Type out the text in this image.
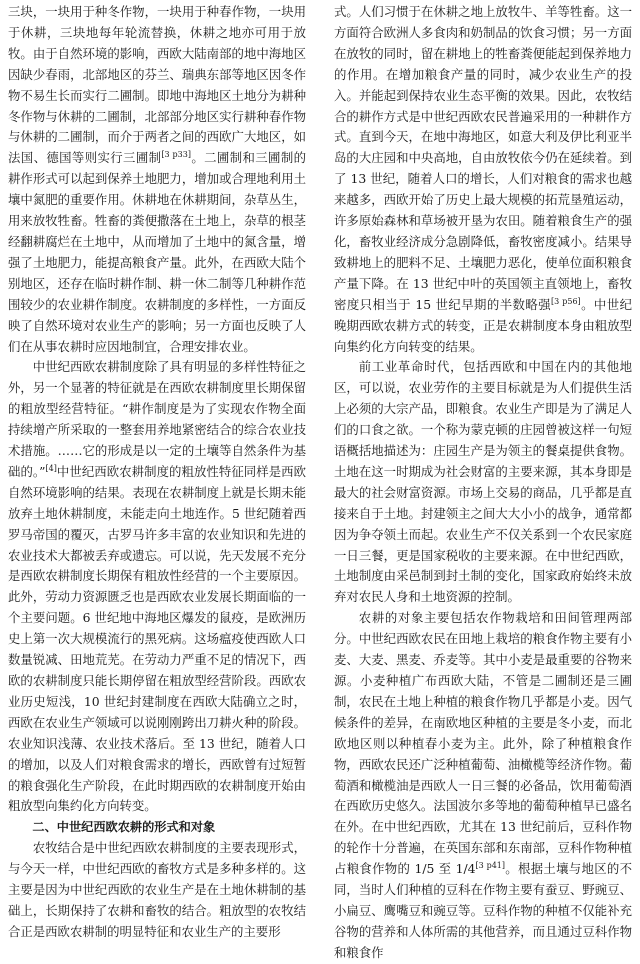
三块，一块用于种冬作物，一块用于种春作物，一块用于休耕，三块地每年轮流替换，休耕之地亦可用于放牧。由于自然环境的影响，西欧大陆南部的地中海地区因缺少春雨，北部地区的芬兰、瑞典东部等地区因冬作物不易生长而实行二圃制。即地中海地区土地分为耕种冬作物与休耕的二圃制，北部部分地区实行耕种春作物与休耕的二圃制，而介于两者之间的西欧广大地区，如法国、德国等则实行三圃制[3 p33]。二圃制和三圃制的耕作形式可以起到保养土地肥力，增加或合理地利用土壤中氮肥的重要作用。休耕地在休耕期间，杂草丛生，用来放牧牲畜。牲畜的粪便撒落在土地上，杂草的根茎经翻耕腐烂在土地中，从而增加了土地中的氮含量，增强了土地肥力，能提高粮食产量。此外，在西欧大陆个别地区，还存在临时耕作制、耕一休二制等几种耕作范围较少的农业耕作制度。农耕制度的多样性，一方面反映了自然环境对农业生产的影响；另一方面也反映了人们在从事农耕时应因地制宜，合理安排农业。

中世纪西欧农耕制度除了具有明显的多样性特征之外，另一个显著的特征就是在西欧农耕制度里长期保留的粗放型经营特征。“耕作制度是为了实现农作物全面持续增产所采取的一整套用养地紧密结合的综合农业技术措施。……它的形成是以一定的土壤等自然条件为基础的。”[4]中世纪西欧农耕制度的粗放性特征同样是西欧自然环境影响的结果。表现在农耕制度上就是长期未能放弃土地休耕制度，未能走向土地连作。5 世纪随着西罗马帝国的覆灭，古罗马许多丰富的农业知识和先进的农业技术大都被丢弃或遗忘。可以说，先天发展不充分是西欧农耕制度长期保有粗放性经营的一个主要原因。此外，劳动力资源匮乏也是西欧农业发展长期面临的一个主要问题。6 世纪地中海地区爆发的鼠疫，是欧洲历史上第一次大规模流行的黑死病。这场瘟疫使西欧人口数量锐减、田地荒芜。在劳动力严重不足的情况下，西欧的农耕制度只能长期停留在粗放型经营阶段。西欧农业历史短浅，10 世纪封建制度在西欧大陆确立之时，西欧在农业生产领域可以说刚刚跨出刀耕火种的阶段。农业知识浅薄、农业技术落后。至 13 世纪，随着人口的增加，以及人们对粮食需求的增长，西欧曾有过短暂的粮食强化生产阶段，在此时期西欧的农耕制度开始由粗放型向集约化方向转变。

二、中世纪西欧农耕的形式和对象

农牧结合是中世纪西欧农耕制度的主要表现形式，与今天一样，中世纪西欧的畜牧方式是多种多样的。这主要是因为中世纪西欧的农业生产是在土地休耕制的基础上，长期保持了农耕和畜牧的结合。粗放型的农牧结合正是西欧农耕制的明显特征和农业生产的主要形

式。人们习惯于在休耕之地上放牧牛、羊等牲畜。这一方面符合欧洲人多食肉和奶制品的饮食习惯；另一方面在放牧的同时，留在耕地上的牲畜粪便能起到保养地力的作用。在增加粮食产量的同时，减少农业生产的投入。并能起到保持农业生态平衡的效果。因此，农牧结合的耕作方式是中世纪西欧农民普遍采用的一种耕作方式。直到今天，在地中海地区，如意大利及伊比利亚半岛的大庄园和中央高地，自由放牧依今仍在延续着。到了 13 世纪，随着人口的增长，人们对粮食的需求也越来越多，西欧开始了历史上最大规模的拓荒垦殖运动，许多原始森林和草场被开垦为农田。随着粮食生产的强化，畜牧业经济成分急剧降低，畜牧密度减小。结果导致耕地上的肥料不足、土壤肥力恶化，使单位面积粮食产量下降。在 13 世纪中叶的英国领主直领地上，畜牧密度只相当于 15 世纪早期的半数略强[3 p56]。中世纪晚期西欧农耕方式的转变，正是农耕制度本身由粗放型向集约化方向转变的结果。

前工业革命时代，包括西欧和中国在内的其他地区，可以说，农业劳作的主要目标就是为人们提供生活上必须的大宗产品，即粮食。农业生产即是为了满足人们的口食之欲。一个称为蒙克顿的庄园曾被这样一句短语概括地描述为：庄园生产是为领主的餐桌提供食物。土地在这一时期成为社会财富的主要来源，其本身即是最大的社会财富资源。市场上交易的商品，几乎都是直接来自于土地。封建领主之间大大小小的战争，通常都因为争夺领土而起。农业生产不仅关系到一个农民家庭一日三餐，更是国家税收的主要来源。在中世纪西欧，土地制度由采邑制到封土制的变化，国家政府始终未放弃对农民人身和土地资源的控制。

农耕的对象主要包括农作物栽培和田间管理两部分。中世纪西欧农民在田地上栽培的粮食作物主要有小麦、大麦、黑麦、乔麦等。其中小麦是最重要的谷物来源。小麦种植广布西欧大陆，不管是二圃制还是三圃制，农民在土地上种植的粮食作物几乎都是小麦。因气候条件的差异，在南欧地区种植的主要是冬小麦，而北欧地区则以种植春小麦为主。此外，除了种植粮食作物，西欧农民还广泛种植葡萄、油橄榄等经济作物。葡萄酒和橄榄油是西欧人一日三餐的必备品，饮用葡萄酒在西欧历史悠久。法国波尔多等地的葡萄种植早已盛名在外。在中世纪西欧，尤其在 13 世纪前后，豆科作物的轮作十分普遍，在英国东部和东南部，豆科作物种植占粮食作物的 1/5 至 1/4[3 p41]。根据土壤与地区的不同，当时人们种植的豆科在作物主要有蚕豆、野豌豆、小扁豆、鹰嘴豆和豌豆等。豆科作物的种植不仅能补充谷物的营养和人体所需的其他营养，而且通过豆科作物和粮食作
